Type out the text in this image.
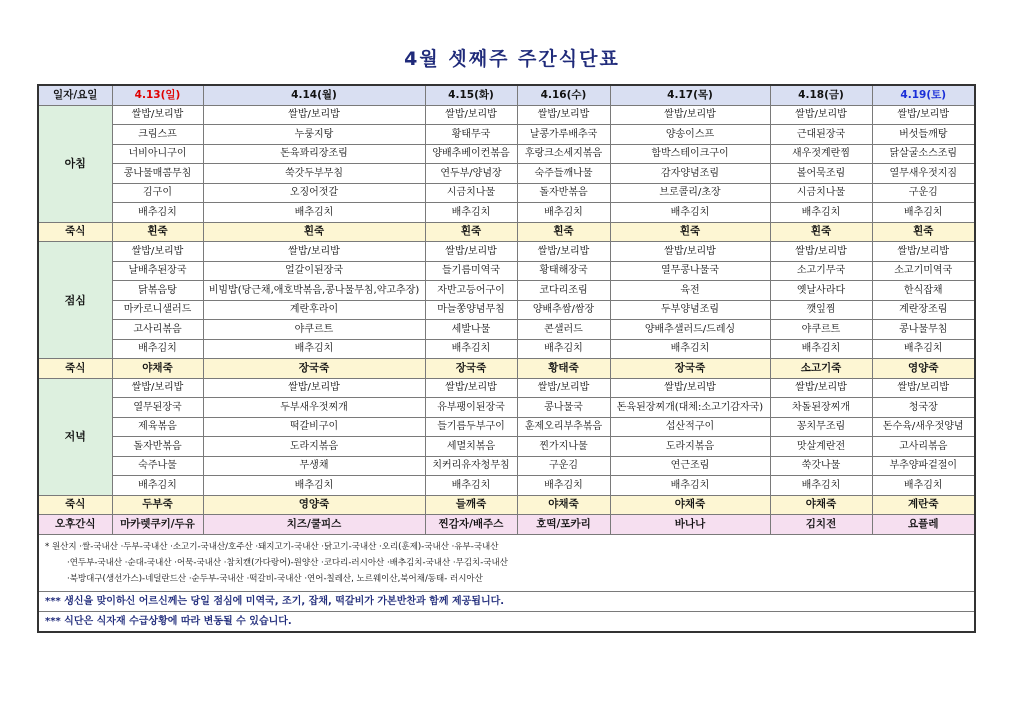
4월 셋째주 주간식단표
일자/요일	4.13(일)	4.14(월)	4.15(화)	4.16(수)	4.17(목)	4.18(금)	4.19(토)
아침	쌀밥/보리밥	쌀밥/보리밥	쌀밥/보리밥	쌀밥/보리밥	쌀밥/보리밥	쌀밥/보리밥	쌀밥/보리밥
	크림스프	누룽지탕	황태무국	날콩가루배추국	양송이스프	근대된장국	버섯들깨탕
	너비아니구이	돈육꽈리장조림	양배추베이컨볶음	후랑크소세지볶음	함박스테이크구이	새우젓계란찜	닭살굴소스조림
	콩나물매콤무침	쑥갓두부무침	연두부/양념장	숙주들깨나물	감자양념조림	볼어묵조림	열무새우젓지짐
	김구이	오징어젓갈	시금치나물	돌자반볶음	브로콜리/초장	시금치나물	구운김
	배추김치	배추김치	배추김치	배추김치	배추김치	배추김치	배추김치
죽식	흰죽	흰죽	흰죽	흰죽	흰죽	흰죽	흰죽
점심	쌀밥/보리밥	쌀밥/보리밥	쌀밥/보리밥	쌀밥/보리밥	쌀밥/보리밥	쌀밥/보리밥	쌀밥/보리밥
	날배추된장국	얼갈이된장국	들기름미역국	황태해장국	열무콩나물국	소고기무국	소고기미역국
	닭볶음탕	비빔밥(당근채,애호박볶음,콩나물무침,약고추장)	자반고등어구이	코다리조림	육전	옛날사라다	한식잡채
	마카로니샐러드	계란후라이	마늘쫑양념무침	양배추쌈/쌈장	두부양념조림	깻잎찜	계란장조림
	고사리볶음	야쿠르트	세발나물	콘샐러드	양배추샐러드/드레싱	야쿠르트	콩나물무침
	배추김치	배추김치	배추김치	배추김치	배추김치	배추김치	배추김치
죽식	야채죽	장국죽	장국죽	황태죽	장국죽	소고기죽	영양죽
저녁	쌀밥/보리밥	쌀밥/보리밥	쌀밥/보리밥	쌀밥/보리밥	쌀밥/보리밥	쌀밥/보리밥	쌀밥/보리밥
	열무된장국	두부새우젓찌개	유부팽이된장국	콩나물국	돈육된장찌개(대체:소고기감자국)	차돌된장찌개	청국장
	제육볶음	떡갈비구이	들기름두부구이	훈제오리부추볶음	섭산적구이	꽁치무조림	돈수육/새우젓양념
	돌자반볶음	도라지볶음	세멸치볶음	찐가지나물	도라지볶음	맛살계란전	고사리볶음
	숙주나물	무생채	치커리유자청무침	구운김	연근조림	쑥갓나물	부추양파겉절이
	배추김치	배추김치	배추김치	배추김치	배추김치	배추김치	배추김치
죽식	두부죽	영양죽	들깨죽	야채죽	야채죽	야채죽	계란죽
오후간식	마카렛쿠키/두유	치즈/쿨피스	찐감자/배주스	호떡/포카리	바나나	김치전	요플레

* 원산지 ·쌀-국내산 ·두부-국내산 ·소고기-국내산/호주산 ·돼지고기-국내산 ·닭고기-국내산 ·오리(훈제)-국내산 ·유부-국내산
·연두부-국내산 ·순대-국내산 ·어묵-국내산 ·참치캔(가다랑어)-원양산 ·코다리-러시아산 ·배추김치-국내산 ·무김치-국내산
·북방대구(생선가스)-네덜란드산 ·순두부-국내산 ·떡갈비-국내산 ·연어-칠레산, 노르웨이산,북어채/동태- 러시아산							

*** 생신을 맞이하신 어르신께는 당일 점심에 미역국, 조기, 잡채, 떡갈비가 가본반찬과 함께 제공됩니다.							
*** 식단은 식자재 수급상황에 따라 변동될 수 있습니다.							
